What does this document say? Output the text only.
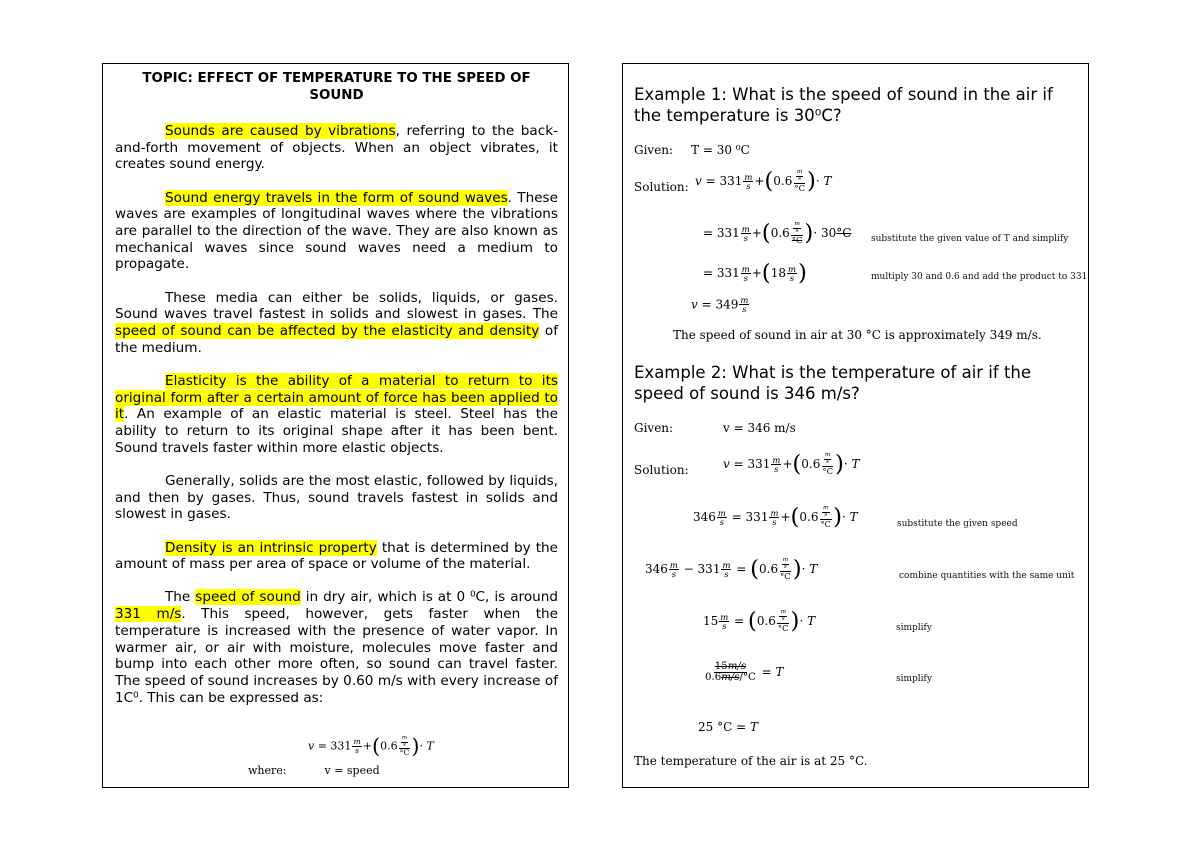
TOPIC: EFFECT OF TEMPERATURE TO THE SPEED OF
SOUND

Sounds are caused by vibrations, referring to the back-and-forth movement of objects. When an object vibrates, it creates sound energy.

Sound energy travels in the form of sound waves. These waves are examples of longitudinal waves where the vibrations are parallel to the direction of the wave. They are also known as mechanical waves since sound waves need a medium to propagate.

These media can either be solids, liquids, or gases. Sound waves travel fastest in solids and slowest in gases. The speed of sound can be affected by the elasticity and density of the medium.

Elasticity is the ability of a material to return to its original form after a certain amount of force has been applied to it. An example of an elastic material is steel. Steel has the ability to return to its original shape after it has been bent. Sound travels faster within more elastic objects.

Generally, solids are the most elastic, followed by liquids, and then by gases. Thus, sound travels fastest in solids and slowest in gases.

Density is an intrinsic property that is determined by the amount of mass per area of space or volume of the material.

The speed of sound in dry air, which is at 0 ⁰C, is around 331 m/s. This speed, however, gets faster when the temperature is increased with the presence of water vapor. In warmer air, or air with moisture, molecules move faster and bump into each other more often, so sound can travel faster. The speed of sound increases by 0.60 m/s with every increase of 1C⁰. This can be expressed as:

$v = 331 \frac{m}{s} +(0.6 \frac{\frac{m}{s}}{^\circ C}$ )· T
where:	v = speed
Example 1: What is the speed of sound in the air if the temperature is 30⁰C?
Given: T = 30 ⁰C
Solution: $v = 331 \frac{m}{s} +(0.6 \frac{\frac{m}{s}}{^\circ C}$ )· T
= $331 \frac{m}{s} +(0.6 \frac{\frac{m}{s}}{^\circ C}$ )· 30°C substitute the given value of T and simplify
= $331 \frac{m}{s} +(18 \frac{m}{s}$ )	multiply 30 and 0.6 and add the product to 331
$v = 349 \frac{m}{s}$
The speed of sound in air at 30 °C is approximately 349 m/s.
Example 2: What is the temperature of air if the speed of sound is 346 m/s?
Given:	v = 346 m/s
Solution:	$v = 331 \frac{m}{s} +(0.6 \frac{\frac{m}{s}}{^\circ C}$ )· T
$346 \frac{m}{s} = 331 \frac{m}{s} +(0.6 \frac{\frac{m}{s}}{^\circ C}$ )· T
substitute the given speed
$346 \frac{m}{s} - 331 \frac{m}{s} = (0.6 \frac{\frac{m}{s}}{^\circ C}$ )· T
combine quantities with the same unit
$15 \frac{m}{s} = (0.6 \frac{\frac{m}{s}}{^\circ C}$ )· T
simplify
$\frac{15m/s}{0.6m/s/^\circ C} = T$	simplify
25 °C = T
The temperature of the air is at 25 °C.
